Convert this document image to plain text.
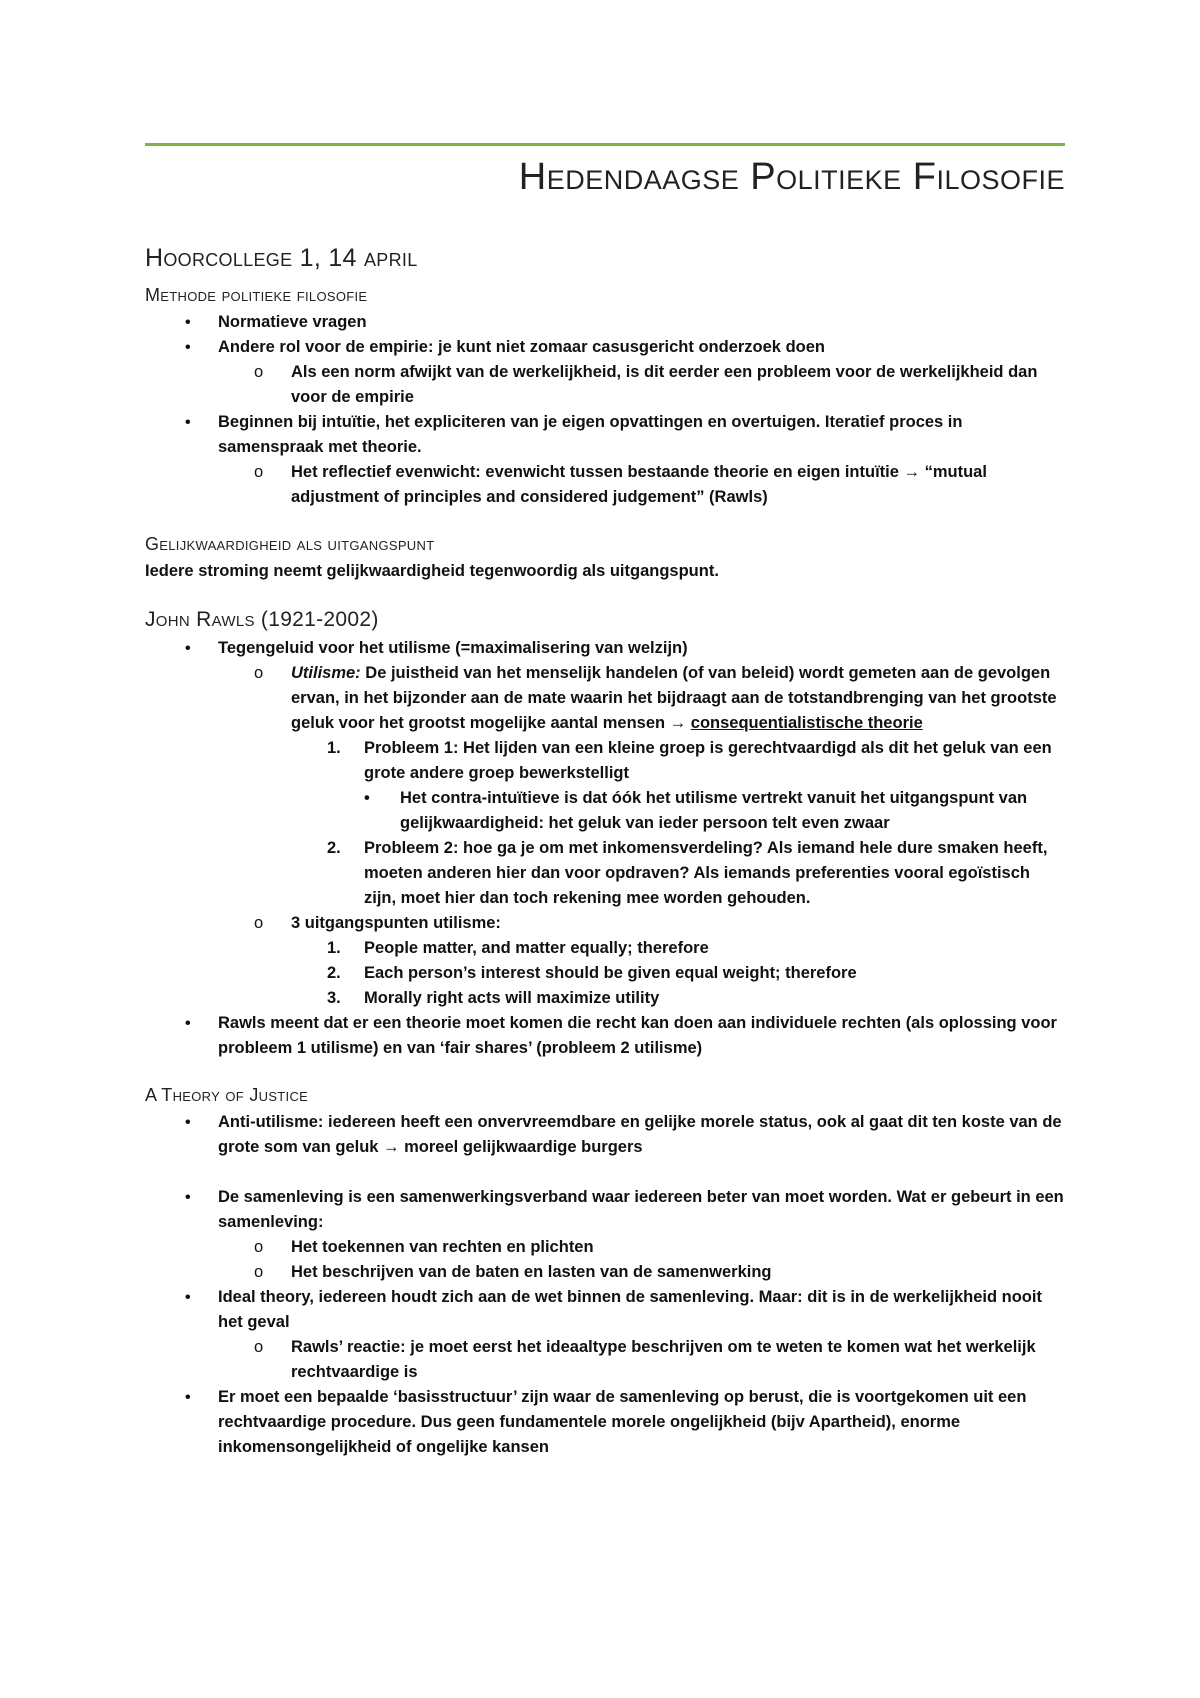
Hedendaagse Politieke Filosofie
Hoorcollege 1, 14 april
Methode politieke filosofie
• Normatieve vragen
• Andere rol voor de empirie: je kunt niet zomaar casusgericht onderzoek doen
o Als een norm afwijkt van de werkelijkheid, is dit eerder een probleem voor de werkelijkheid dan voor de empirie
• Beginnen bij intuïtie, het expliciteren van je eigen opvattingen en overtuigen. Iteratief proces in samenspraak met theorie.
o Het reflectief evenwicht: evenwicht tussen bestaande theorie en eigen intuïtie → “mutual adjustment of principles and considered judgement” (Rawls)
Gelijkwaardigheid als uitgangspunt

Iedere stroming neemt gelijkwaardigheid tegenwoordig als uitgangspunt.

John Rawls (1921-2002)
• Tegengeluid voor het utilisme (=maximalisering van welzijn)
o Utilisme: De juistheid van het menselijk handelen (of van beleid) wordt gemeten aan de gevolgen ervan, in het bijzonder aan de mate waarin het bijdraagt aan de totstandbrenging van het grootste geluk voor het grootst mogelijke aantal mensen → consequentialistische theorie
1. Probleem 1: Het lijden van een kleine groep is gerechtvaardigd als dit het geluk van een grote andere groep bewerkstelligt
• Het contra-intuïtieve is dat óók het utilisme vertrekt vanuit het uitgangspunt van gelijkwaardigheid: het geluk van ieder persoon telt even zwaar
2. Probleem 2: hoe ga je om met inkomensverdeling? Als iemand hele dure smaken heeft, moeten anderen hier dan voor opdraven? Als iemands preferenties vooral egoïstisch zijn, moet hier dan toch rekening mee worden gehouden.
o 3 uitgangspunten utilisme:
1. People matter, and matter equally; therefore
2. Each person’s interest should be given equal weight; therefore
3. Morally right acts will maximize utility
• Rawls meent dat er een theorie moet komen die recht kan doen aan individuele rechten (als oplossing voor probleem 1 utilisme) en van ‘fair shares’ (probleem 2 utilisme)
A Theory of Justice
• Anti-utilisme: iedereen heeft een onvervreemdbare en gelijke morele status, ook al gaat dit ten koste van de grote som van geluk → moreel gelijkwaardige burgers
• De samenleving is een samenwerkingsverband waar iedereen beter van moet worden. Wat er gebeurt in een samenleving:
o Het toekennen van rechten en plichten
o Het beschrijven van de baten en lasten van de samenwerking
• Ideal theory, iedereen houdt zich aan de wet binnen de samenleving. Maar: dit is in de werkelijkheid nooit het geval
o Rawls’ reactie: je moet eerst het ideaaltype beschrijven om te weten te komen wat het werkelijk rechtvaardige is
• Er moet een bepaalde ‘basisstructuur’ zijn waar de samenleving op berust, die is voortgekomen uit een rechtvaardige procedure. Dus geen fundamentele morele ongelijkheid (bijv Apartheid), enorme inkomensongelijkheid of ongelijke kansen
